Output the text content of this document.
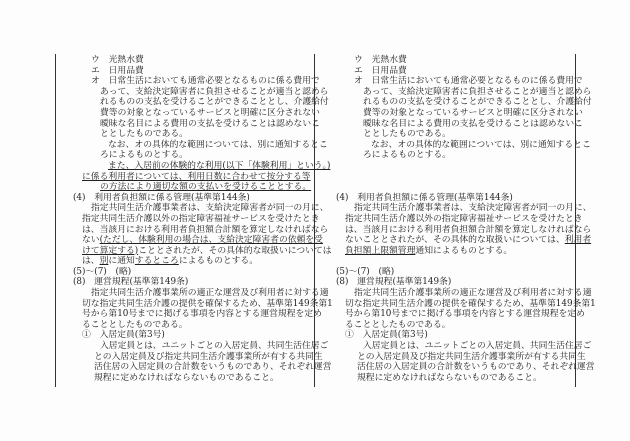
ウ　光熱水費
エ　日用品費
オ　日常生活においても通常必要となるものに係る費用で
あって、支給決定障害者に負担させることが適当と認めら
れるものの支払を受けることができることとし、介護給付
費等の対象となっているサービスと明確に区分されない
曖昧な名目による費用の支払を受けることは認めないこ
ととしたものである。
なお、オの具体的な範囲については、別に通知するとこ
ろによるものとする。
また、入居前の体験的な利用(以下「体験利用」という。)
に係る利用者については、利用日数に合わせて按分する等
の方法により適切な額の支払いを受けることとする。
(4)　利用者負担額に係る管理(基準第144条)
指定共同生活介護事業者は、支給決定障害者が同一の月に、
指定共同生活介護以外の指定障害福祉サービスを受けたとき
は、当該月における利用者負担額合計額を算定しなければなら
ない(ただし、体験利用の場合は、支給決定障害者の依頼を受
けて算定する)こととされたが、その具体的な取扱いについては
は、別に通知するところによるものとする。
(5)～(7)　(略)
(8)　運営規程(基準第149条)
指定共同生活介護事業所の適正な運営及び利用者に対する適
切な指定共同生活介護の提供を確保するため、基準第149条第1
号から第10号までに掲げる事項を内容とする運営規程を定め
ることとしたものである。
①　入居定員(第3号)
入居定員とは、ユニットごとの入居定員、共同生活住居ご
との入居定員及び指定共同生活介護事業所が有する共同生
活住居の入居定員の合計数をいうものであり、それぞれ運営
規程に定めなければならないものであること。
ウ　光熱水費
エ　日用品費
オ　日常生活においても通常必要となるものに係る費用で
あって、支給決定障害者に負担させることが適当と認めら
れるものの支払を受けることができることとし、介護給付
費等の対象となっているサービスと明確に区分されない
曖昧な名目による費用の支払を受けることは認めないこ
ととしたものである。
なお、オの具体的な範囲については、別に通知するとこ
ろによるものとする。
(4)　利用者負担額に係る管理(基準第144条)
指定共同生活介護事業者は、支給決定障害者が同一の月に、
指定共同生活介護以外の指定障害福祉サービスを受けたとき
は、当該月における利用者負担額合計額を算定しなければなら
ないこととされたが、その具体的な取扱いについては、利用者
負担額上限額管理通知によるものとする。
(5)～(7)　(略)
(8)　運営規程(基準第149条)
指定共同生活介護事業所の適正な運営及び利用者に対する適
切な指定共同生活介護の提供を確保するため、基準第149条第1
号から第10号までに掲げる事項を内容とする運営規程を定め
ることとしたものである。
①　入居定員(第3号)
入居定員とは、ユニットごとの入居定員、共同生活住居ご
との入居定員及び指定共同生活介護事業所が有する共同生
活住居の入居定員の合計数をいうものであり、それぞれ運営
規程に定めなければならないものであること。
